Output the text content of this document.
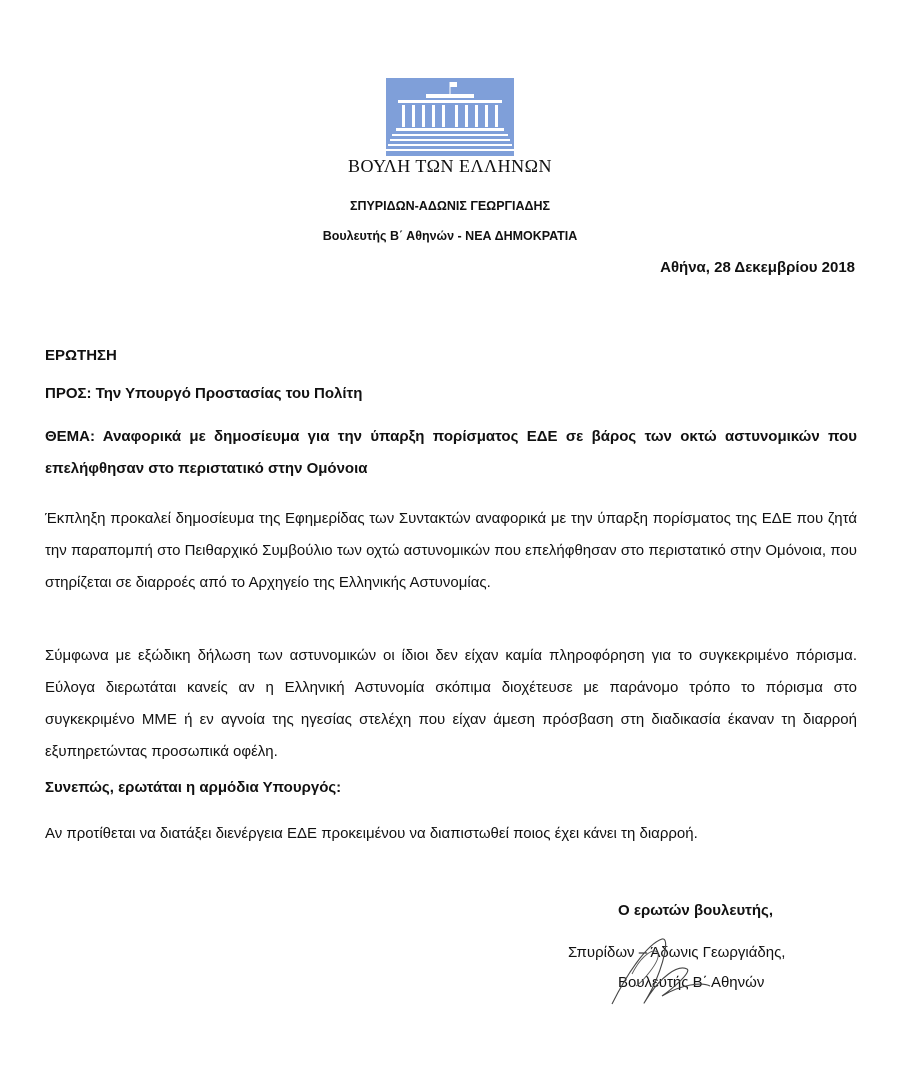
ΒΟΥΛΗ ΤΩΝ ΕΛΛΗΝΩΝ
ΣΠΥΡΙΔΩΝ-ΑΔΩΝΙΣ ΓΕΩΡΓΙΑΔΗΣ
Βουλευτής Β΄ Αθηνών - ΝΕΑ ΔΗΜΟΚΡΑΤΙΑ
Αθήνα, 28 Δεκεμβρίου 2018
ΕΡΩΤΗΣΗ
ΠΡΟΣ: Την Υπουργό Προστασίας του Πολίτη
ΘΕΜΑ: Αναφορικά με δημοσίευμα για την ύπαρξη πορίσματος ΕΔΕ σε βάρος των οκτώ αστυνομικών που επελήφθησαν στο περιστατικό στην Ομόνοια
Έκπληξη προκαλεί δημοσίευμα της Εφημερίδας των Συντακτών αναφορικά με την ύπαρξη πορίσματος της ΕΔΕ που ζητά την παραπομπή στο Πειθαρχικό Συμβούλιο των οχτώ αστυνομικών που επελήφθησαν στο περιστατικό στην Ομόνοια, που στηρίζεται σε διαρροές από το Αρχηγείο της Ελληνικής Αστυνομίας.
Σύμφωνα με εξώδικη δήλωση των αστυνομικών οι ίδιοι δεν είχαν καμία πληροφόρηση για το συγκεκριμένο πόρισμα. Εύλογα διερωτάται κανείς αν η Ελληνική Αστυνομία σκόπιμα διοχέτευσε με παράνομο τρόπο το πόρισμα στο συγκεκριμένο ΜΜΕ ή εν αγνοία της ηγεσίας στελέχη που είχαν άμεση πρόσβαση στη διαδικασία έκαναν τη διαρροή εξυπηρετώντας προσωπικά οφέλη.
Συνεπώς, ερωτάται η αρμόδια Υπουργός:
Αν προτίθεται να διατάξει διενέργεια ΕΔΕ προκειμένου να διαπιστωθεί ποιος έχει κάνει τη διαρροή.
Ο ερωτών βουλευτής,
Σπυρίδων – Άδωνις Γεωργιάδης,
Βουλευτής Β΄ Αθηνών
